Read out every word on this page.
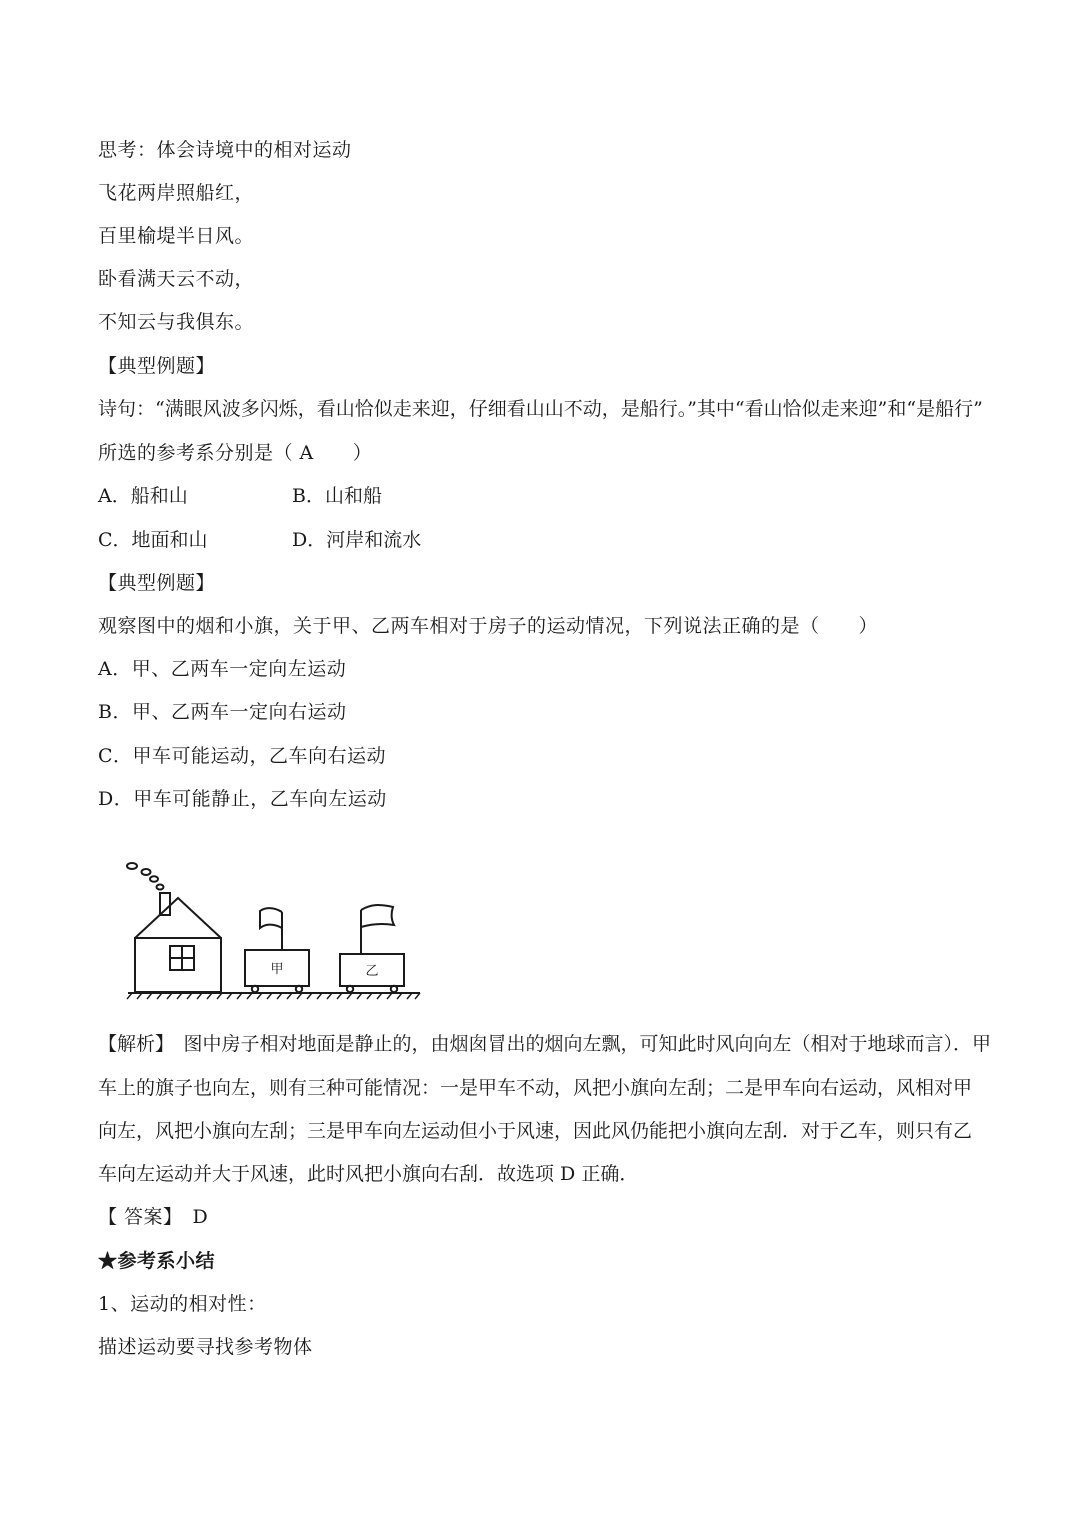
思考：体会诗境中的相对运动
飞花两岸照船红，
百里榆堤半日风。
卧看满天云不动，
不知云与我俱东。
【典型例题】
诗句：“满眼风波多闪烁，看山恰似走来迎，仔细看山山不动，是船行。”其中“看山恰似走来迎”和“是船行”
所选的参考系分别是（ A　　）
A．船和山	B．山和船
C．地面和山	D．河岸和流水
【典型例题】
观察图中的烟和小旗，关于甲、乙两车相对于房子的运动情况，下列说法正确的是（　　）
A．甲、乙两车一定向左运动
B．甲、乙两车一定向右运动
C．甲车可能运动，乙车向右运动
D．甲车可能静止，乙车向左运动
甲	乙
【解析】　图中房子相对地面是静止的，由烟囱冒出的烟向左飘，可知此时风向向左（相对于地球而言）．甲
车上的旗子也向左，则有三种可能情况：一是甲车不动，风把小旗向左刮；二是甲车向右运动，风相对甲
向左，风把小旗向左刮；三是甲车向左运动但小于风速，因此风仍能把小旗向左刮．对于乙车，则只有乙
车向左运动并大于风速，此时风把小旗向右刮．故选项 D 正确．
【 答案】　D
★参考系小结
1、运动的相对性：
描述运动要寻找参考物体
